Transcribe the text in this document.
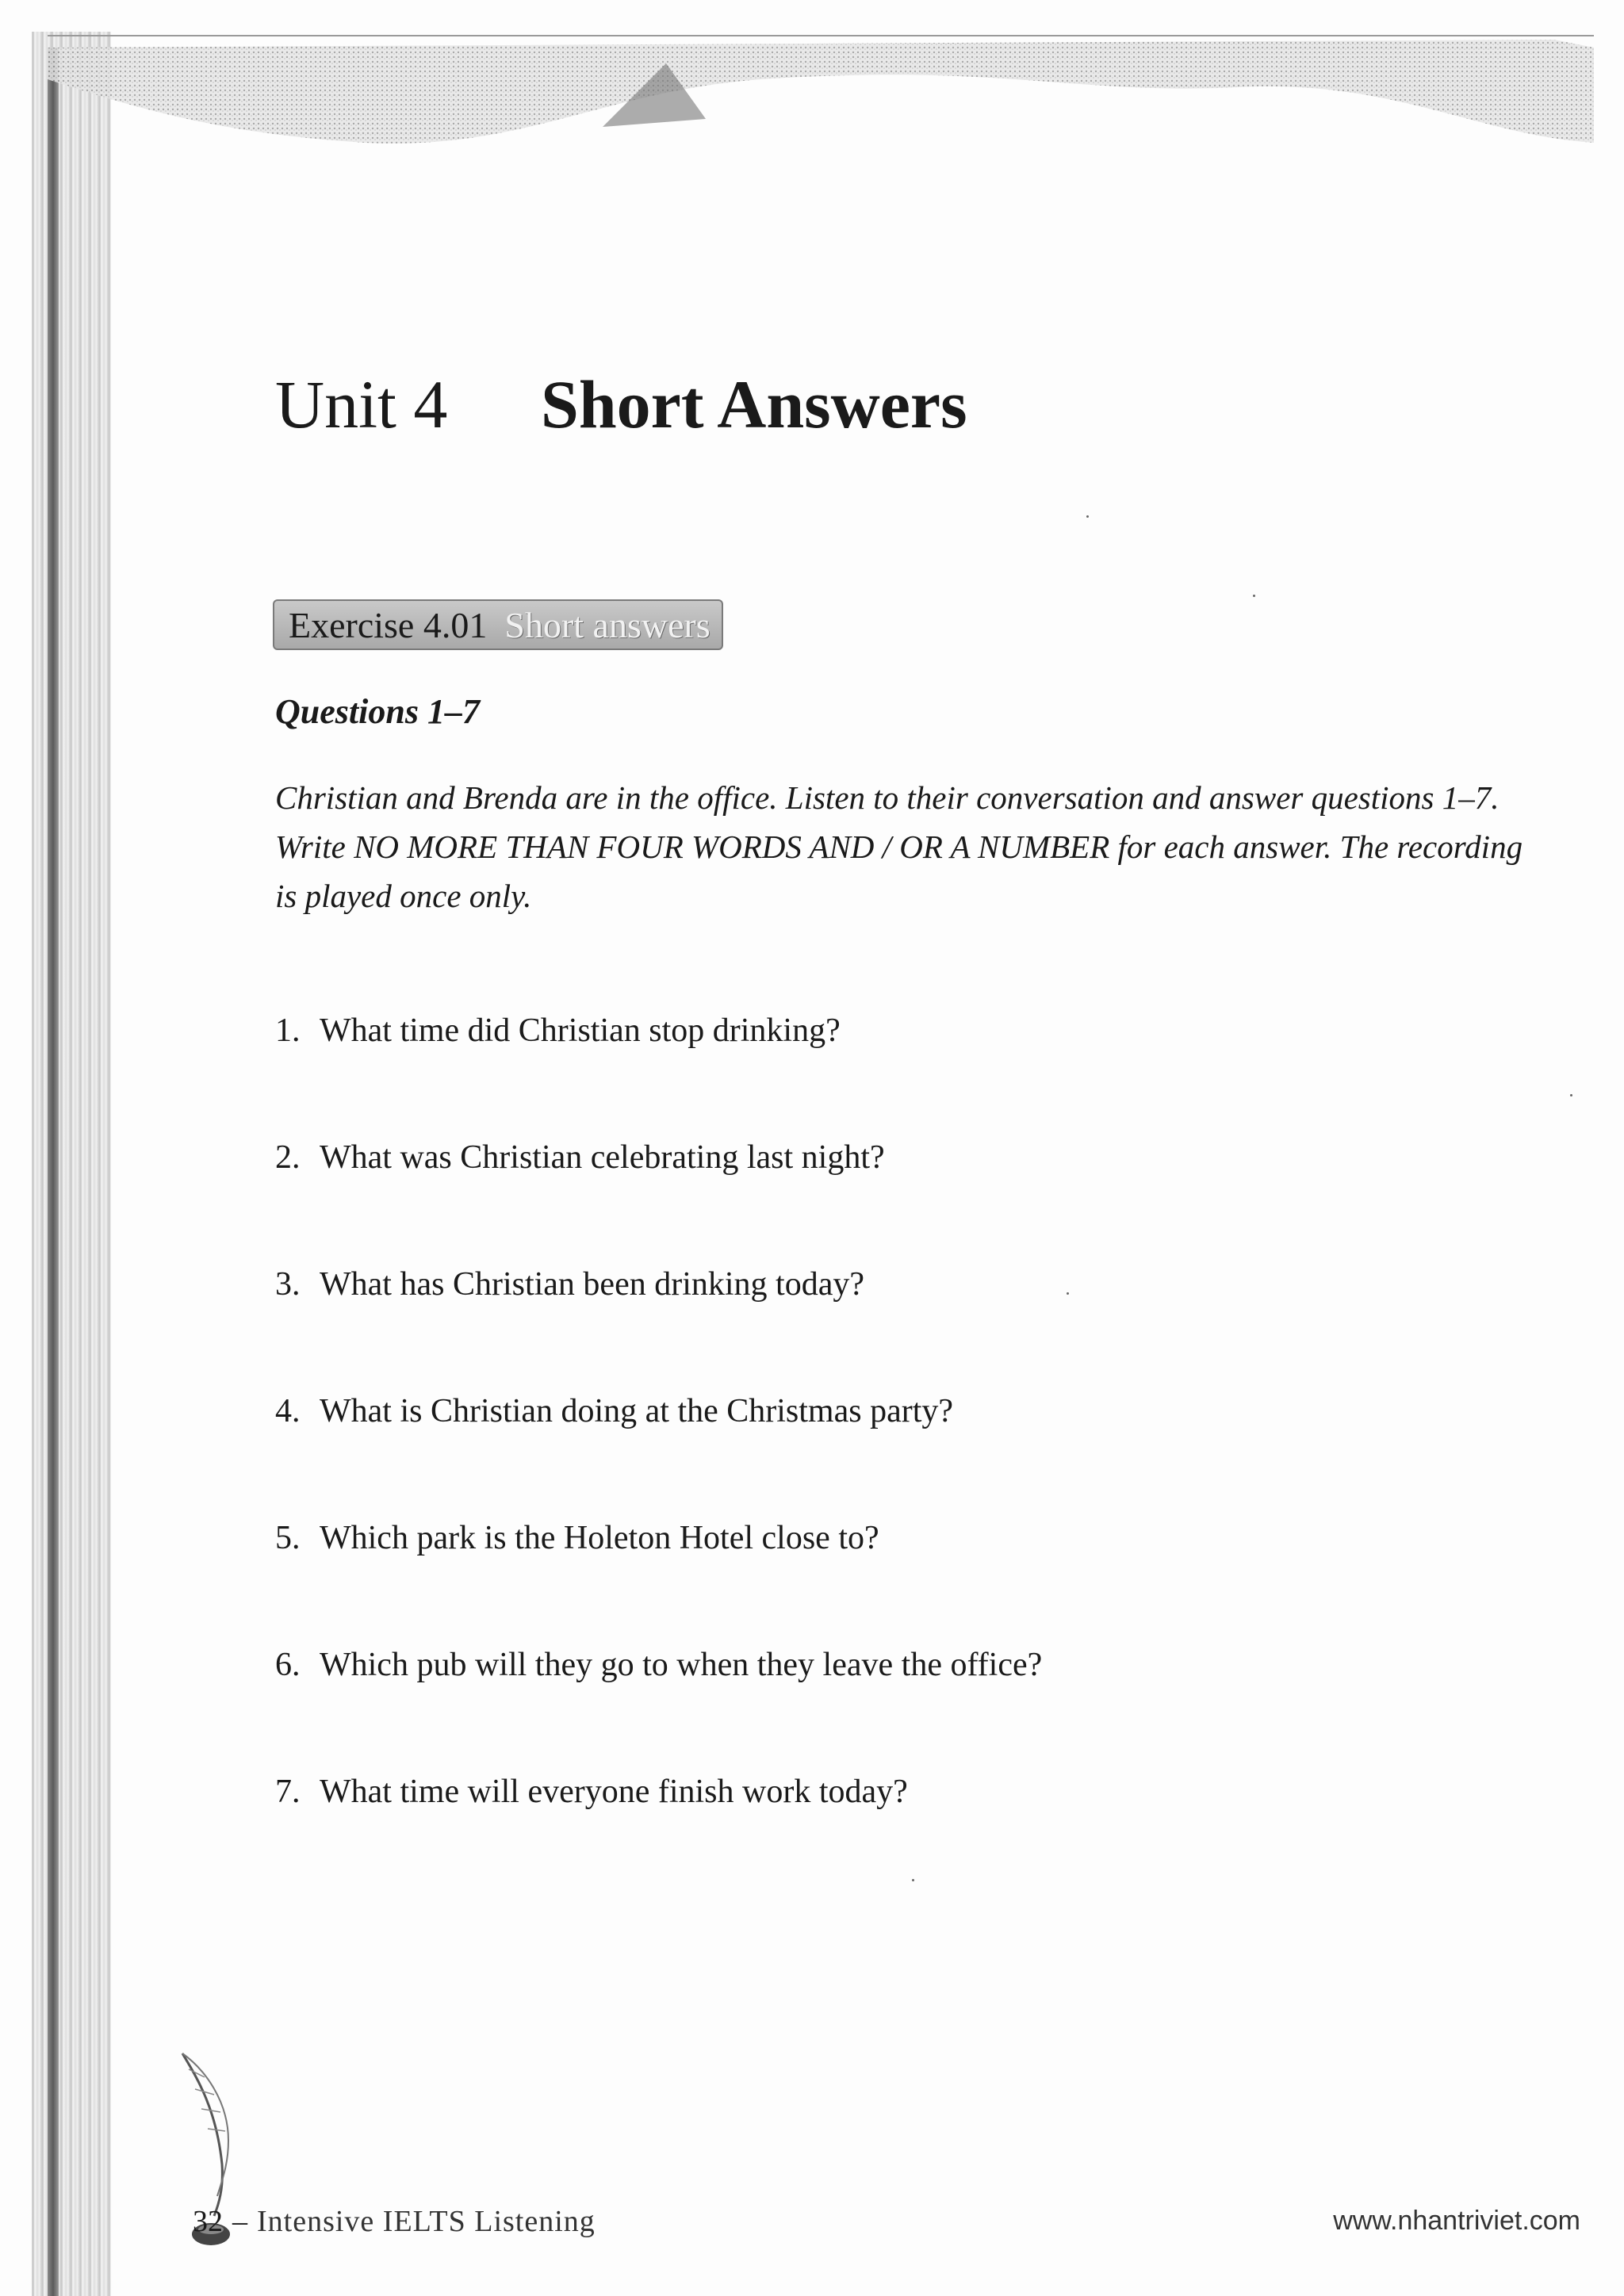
Unit 4 Short Answers
Exercise 4.01 Short answers
Questions 1–7

Christian and Brenda are in the office. Listen to their conversation and answer questions 1–7.

Write NO MORE THAN FOUR WORDS AND / OR A NUMBER for each answer. The recording

is played once only.

1. What time did Christian stop drinking?
2. What was Christian celebrating last night?
3. What has Christian been drinking today?
4. What is Christian doing at the Christmas party?
5. Which park is the Holeton Hotel close to?
6. Which pub will they go to when they leave the office?
7. What time will everyone finish work today?
32 – Intensive IELTS Listening	www.nhantriviet.com
